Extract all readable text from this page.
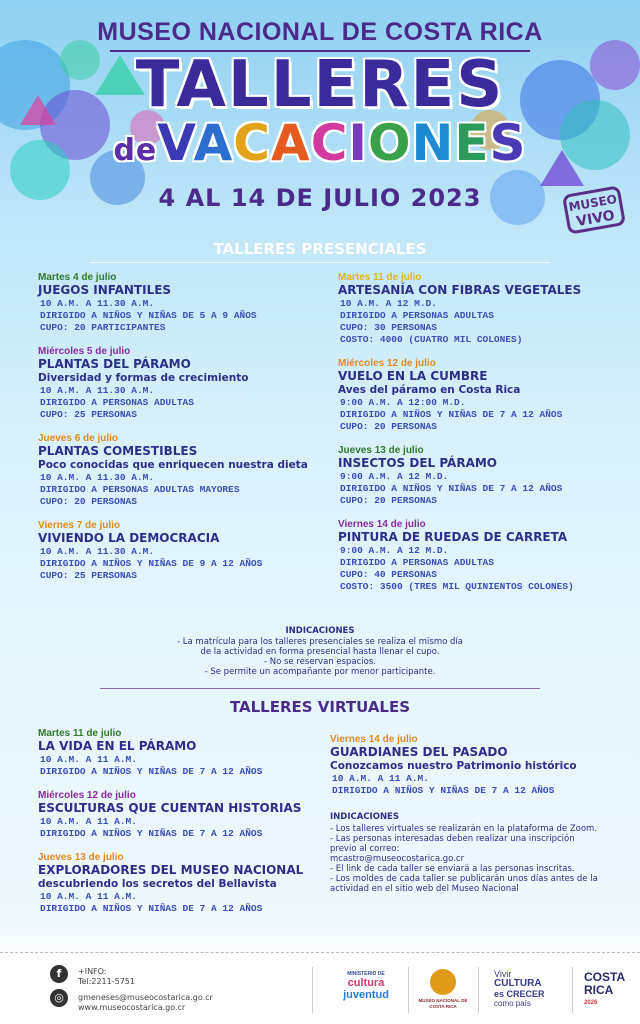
MUSEO NACIONAL DE COSTA RICA
TALLERES
deVACACIONES
4 AL 14 DE JULIO 2023	MUSEO
VIVO
TALLERES PRESENCIALES
Martes 4 de julio
JUEGOS INFANTILES
10 A.M. A 11.30 A.M.
DIRIGIDO A NIÑOS Y NIÑAS DE 5 A 9 AÑOS
CUPO: 20 PARTICIPANTES
Miércoles 5 de julio
PLANTAS DEL PÁRAMO
Diversidad y formas de crecimiento
10 A.M. A 11.30 A.M.
DIRIGIDO A PERSONAS ADULTAS
CUPO: 25 PERSONAS
Jueves 6 de julio
PLANTAS COMESTIBLES
Poco conocidas que enriquecen nuestra dieta
10 A.M. A 11.30 A.M.
DIRIGIDO A PERSONAS ADULTAS MAYORES
CUPO: 20 PERSONAS
Viernes 7 de julio
VIVIENDO LA DEMOCRACIA
10 A.M. A 11.30 A.M.
DIRIGIDO A NIÑOS Y NIÑAS DE 9 A 12 AÑOS
CUPO: 25 PERSONAS
Martes 11 de julio
ARTESANÍA CON FIBRAS VEGETALES
10 A.M. A 12 M.D.
DIRIGIDO A PERSONAS ADULTAS
CUPO: 30 PERSONAS
COSTO: 4000 (CUATRO MIL COLONES)
Miércoles 12 de julio
VUELO EN LA CUMBRE
Aves del páramo en Costa Rica
9:00 A.M. A 12:00 M.D.
DIRIGIDO A NIÑOS Y NIÑAS DE 7 A 12 AÑOS
CUPO: 20 PERSONAS
Jueves 13 de julio
INSECTOS DEL PÁRAMO
9:00 A.M. A 12 M.D.
DIRIGIDO A NIÑOS Y NIÑAS DE 7 A 12 AÑOS
CUPO: 20 PERSONAS
Viernes 14 de julio
PINTURA DE RUEDAS DE CARRETA
9:00 A.M. A 12 M.D.
DIRIGIDO A PERSONAS ADULTAS
CUPO: 40 PERSONAS
COSTO: 3500 (TRES MIL QUINIENTOS COLONES)
INDICACIONES
- La matrícula para los talleres presenciales se realiza el mismo día
de la actividad en forma presencial hasta llenar el cupo.
- No se reservan espacios.
- Se permite un acompañante por menor participante.
TALLERES VIRTUALES
Martes 11 de julio
LA VIDA EN EL PÁRAMO
10 A.M. A 11 A.M.
DIRIGIDO A NIÑOS Y NIÑAS DE 7 A 12 AÑOS
Miércoles 12 de julio
ESCULTURAS QUE CUENTAN HISTORIAS
10 A.M. A 11 A.M.
DIRIGIDO A NIÑOS Y NIÑAS DE 7 A 12 AÑOS
Jueves 13 de julio
EXPLORADORES DEL MUSEO NACIONAL
descubriendo los secretos del Bellavista
10 A.M. A 11 A.M.
DIRIGIDO A NIÑOS Y NIÑAS DE 7 A 12 AÑOS
Viernes 14 de julio
GUARDIANES DEL PASADO
Conozcamos nuestro Patrimonio histórico
10 A.M. A 11 A.M.
DIRIGIDO A NIÑOS Y NIÑAS DE 7 A 12 AÑOS
INDICACIONES
- Los talleres virtuales se realizarán en la plataforma de Zoom.
- Las personas interesadas deben realizar una inscripción previo al correo:
mcastro@museocostarica.go.cr
- El link de cada taller se enviará a las personas inscritas.
- Los moldes de cada taller se publicarán unos días antes de la actividad en el sitio web del Museo Nacional
f
◎
+INFO:
Tel:2211-5751
gmeneses@museocostarica.go.cr
www.museocostarica.go.cr
MINISTERIO DE
cultura
juventud	MUSEO NACIONAL DE COSTA RICA
Vivir
CULTURA
es CRECER
como país
COSTA
RICA
2026
